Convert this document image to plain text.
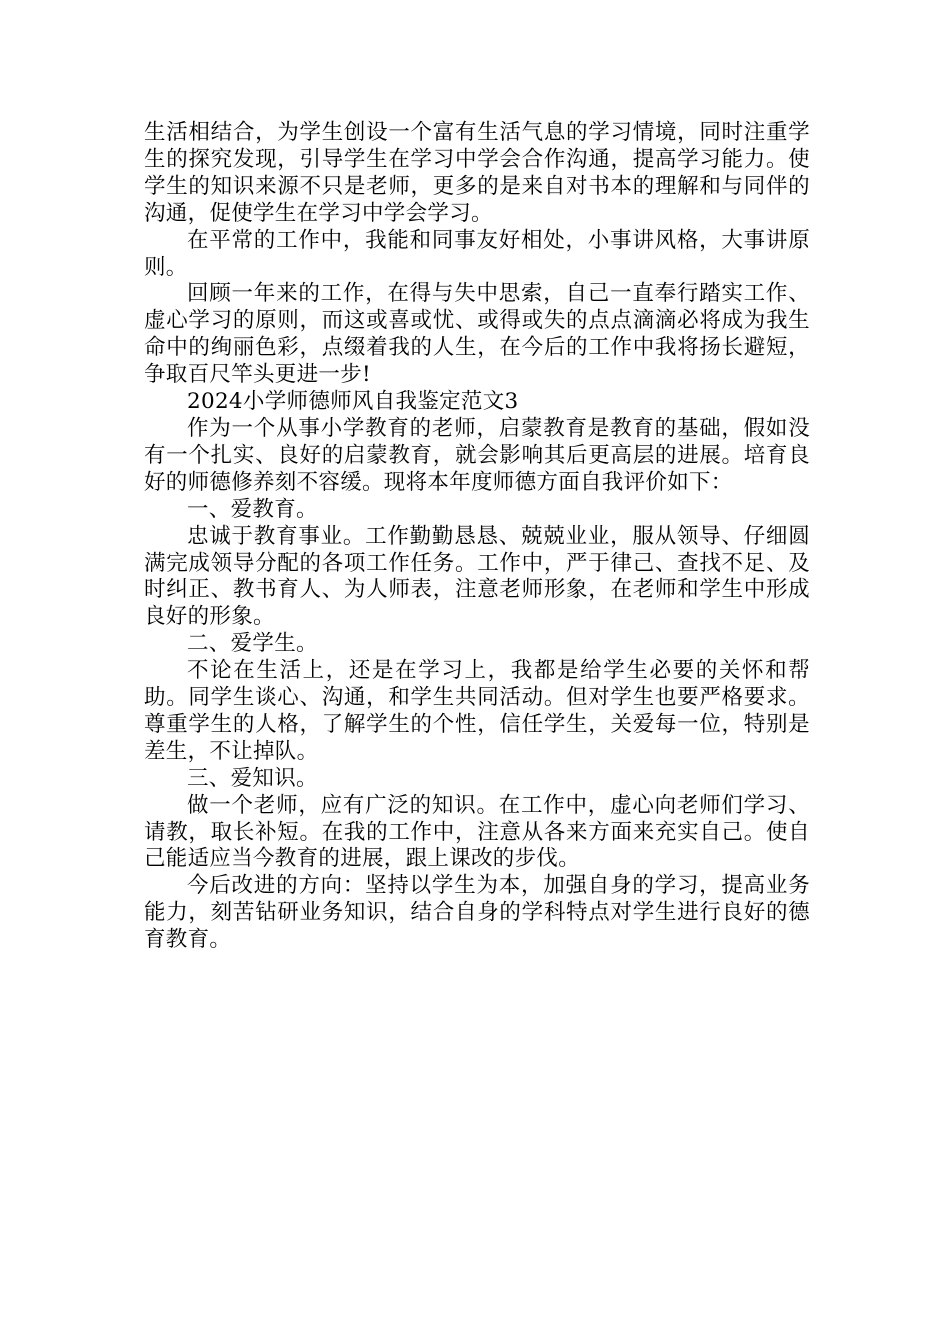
生活相结合，为学生创设一个富有生活气息的学习情境，同时注重学生的探究发现，引导学生在学习中学会合作沟通，提高学习能力。使学生的知识来源不只是老师，更多的是来自对书本的理解和与同伴的沟通，促使学生在学习中学会学习。

在平常的工作中，我能和同事友好相处，小事讲风格，大事讲原则。

回顾一年来的工作，在得与失中思索，自己一直奉行踏实工作、虚心学习的原则，而这或喜或忧、或得或失的点点滴滴必将成为我生命中的绚丽色彩，点缀着我的人生，在今后的工作中我将扬长避短，争取百尺竿头更进一步!

2024小学师德师风自我鉴定范文3

作为一个从事小学教育的老师，启蒙教育是教育的基础，假如没有一个扎实、良好的启蒙教育，就会影响其后更高层的进展。培育良好的师德修养刻不容缓。现将本年度师德方面自我评价如下：

一、爱教育。

忠诚于教育事业。工作勤勤恳恳、兢兢业业，服从领导、仔细圆满完成领导分配的各项工作任务。工作中，严于律己、查找不足、及时纠正、教书育人、为人师表，注意老师形象，在老师和学生中形成良好的形象。

二、爱学生。

不论在生活上，还是在学习上，我都是给学生必要的关怀和帮助。同学生谈心、沟通，和学生共同活动。但对学生也要严格要求。尊重学生的人格，了解学生的个性，信任学生，关爱每一位，特别是差生，不让掉队。

三、爱知识。

做一个老师，应有广泛的知识。在工作中，虚心向老师们学习、请教，取长补短。在我的工作中，注意从各来方面来充实自己。使自己能适应当今教育的进展，跟上课改的步伐。

今后改进的方向：坚持以学生为本，加强自身的学习，提高业务能力，刻苦钻研业务知识，结合自身的学科特点对学生进行良好的德育教育。
